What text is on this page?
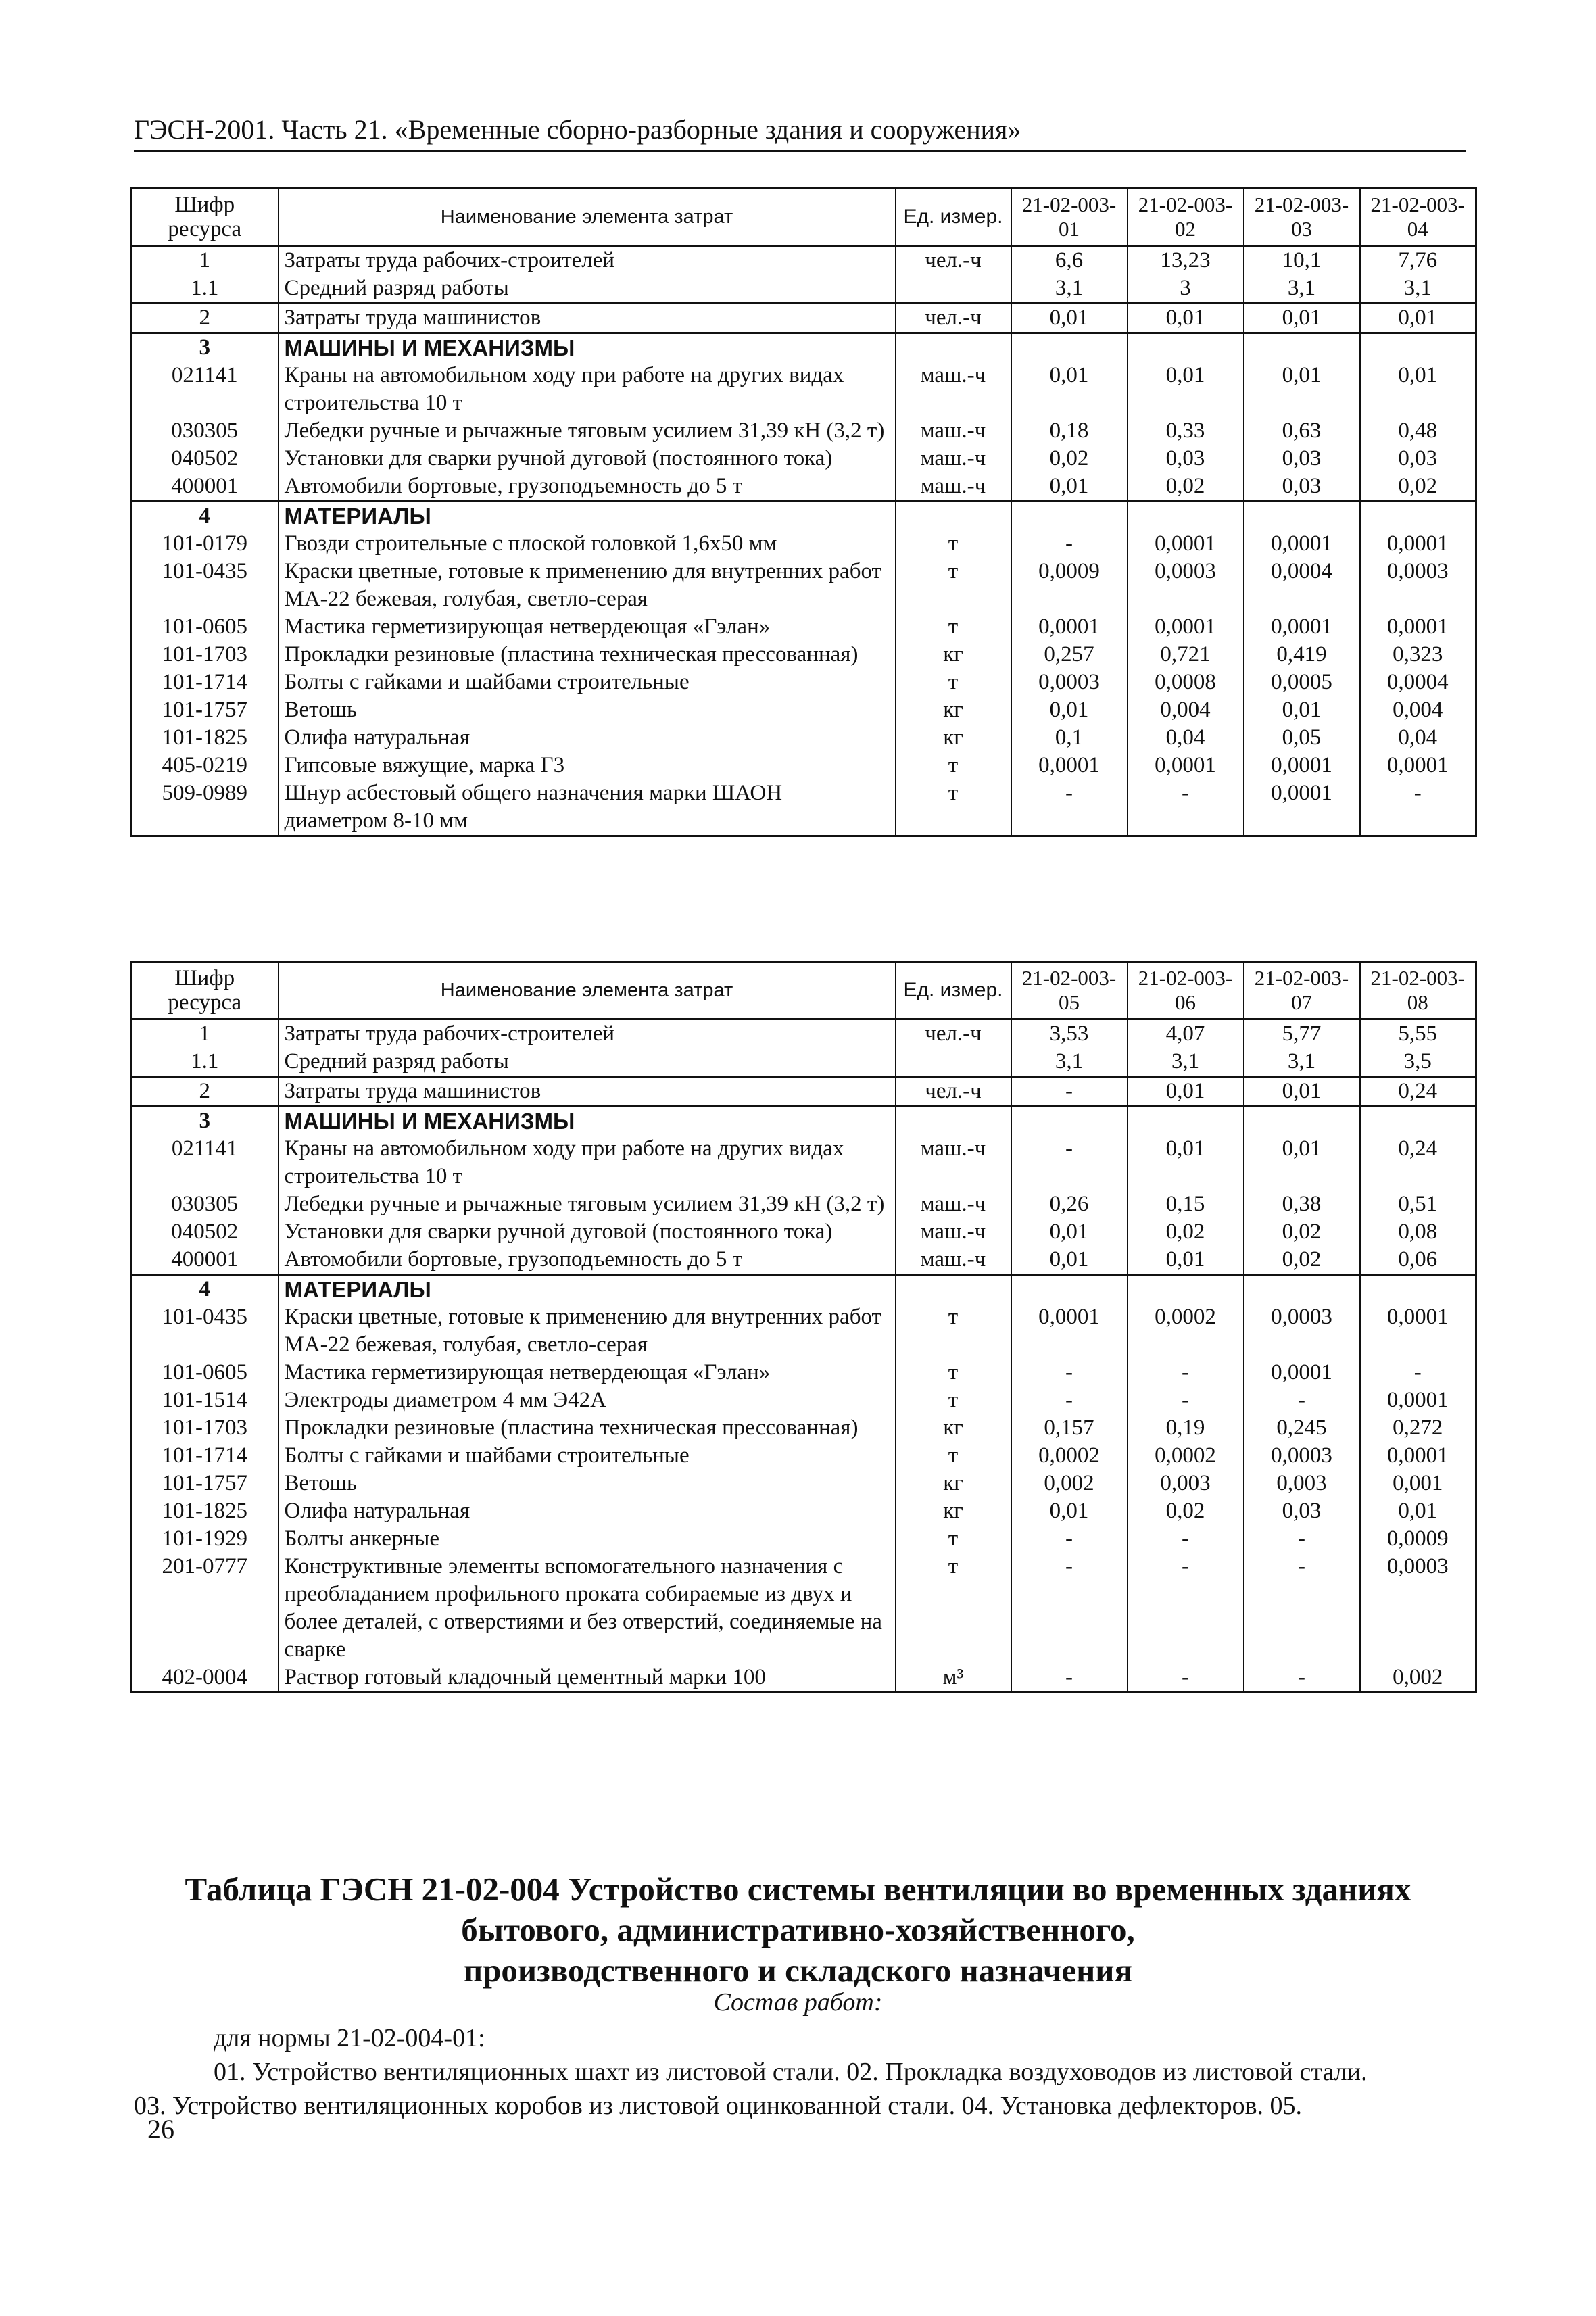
ГЭСН-2001. Часть 21. «Временные сборно-разборные здания и сооружения»
Шифр ресурса	Наименование элемента затрат	Ед. измер.	21-02-003-01	21-02-003-02	21-02-003-03	21-02-003-04
1	Затраты труда рабочих-строителей	чел.-ч	6,6	13,23	10,1	7,76
1.1	Средний разряд работы		3,1	3	3,1	3,1
2	Затраты труда машинистов	чел.-ч	0,01	0,01	0,01	0,01
3	МАШИНЫ И МЕХАНИЗМЫ					
021141	Краны на автомобильном ходу при работе на других видах строительства 10 т	маш.-ч	0,01	0,01	0,01	0,01
030305	Лебедки ручные и рычажные тяговым усилием 31,39 кН (3,2 т)	маш.-ч	0,18	0,33	0,63	0,48
040502	Установки для сварки ручной дуговой (постоянного тока)	маш.-ч	0,02	0,03	0,03	0,03
400001	Автомобили бортовые, грузоподъемность до 5 т	маш.-ч	0,01	0,02	0,03	0,02
4	МАТЕРИАЛЫ					
101-0179	Гвозди строительные с плоской головкой 1,6х50 мм	т	-	0,0001	0,0001	0,0001
101-0435	Краски цветные, готовые к применению для внутренних работ МА-22 бежевая, голубая, светло-серая	т	0,0009	0,0003	0,0004	0,0003
101-0605	Мастика герметизирующая нетвердеющая «Гэлан»	т	0,0001	0,0001	0,0001	0,0001
101-1703	Прокладки резиновые (пластина техническая прессованная)	кг	0,257	0,721	0,419	0,323
101-1714	Болты с гайками и шайбами строительные	т	0,0003	0,0008	0,0005	0,0004
101-1757	Ветошь	кг	0,01	0,004	0,01	0,004
101-1825	Олифа натуральная	кг	0,1	0,04	0,05	0,04
405-0219	Гипсовые вяжущие, марка Г3	т	0,0001	0,0001	0,0001	0,0001
509-0989	Шнур асбестовый общего назначения марки ШАОН диаметром 8-10 мм	т	-	-	0,0001	-
Шифр ресурса	Наименование элемента затрат	Ед. измер.	21-02-003-05	21-02-003-06	21-02-003-07	21-02-003-08
1	Затраты труда рабочих-строителей	чел.-ч	3,53	4,07	5,77	5,55
1.1	Средний разряд работы		3,1	3,1	3,1	3,5
2	Затраты труда машинистов	чел.-ч	-	0,01	0,01	0,24
3	МАШИНЫ И МЕХАНИЗМЫ					
021141	Краны на автомобильном ходу при работе на других видах строительства 10 т	маш.-ч	-	0,01	0,01	0,24
030305	Лебедки ручные и рычажные тяговым усилием 31,39 кН (3,2 т)	маш.-ч	0,26	0,15	0,38	0,51
040502	Установки для сварки ручной дуговой (постоянного тока)	маш.-ч	0,01	0,02	0,02	0,08
400001	Автомобили бортовые, грузоподъемность до 5 т	маш.-ч	0,01	0,01	0,02	0,06
4	МАТЕРИАЛЫ					
101-0435	Краски цветные, готовые к применению для внутренних работ МА-22 бежевая, голубая, светло-серая	т	0,0001	0,0002	0,0003	0,0001
101-0605	Мастика герметизирующая нетвердеющая «Гэлан»	т	-	-	0,0001	-
101-1514	Электроды диаметром 4 мм Э42А	т	-	-	-	0,0001
101-1703	Прокладки резиновые (пластина техническая прессованная)	кг	0,157	0,19	0,245	0,272
101-1714	Болты с гайками и шайбами строительные	т	0,0002	0,0002	0,0003	0,0001
101-1757	Ветошь	кг	0,002	0,003	0,003	0,001
101-1825	Олифа натуральная	кг	0,01	0,02	0,03	0,01
101-1929	Болты анкерные	т	-	-	-	0,0009
201-0777	Конструктивные элементы вспомогательного назначения с преобладанием профильного проката собираемые из двух и более деталей, с отверстиями и без отверстий, соединяемые на сварке	т	-	-	-	0,0003
402-0004	Раствор готовый кладочный цементный марки 100	м³	-	-	-	0,002
Таблица ГЭСН 21-02-004 Устройство системы вентиляции во временных зданиях
бытового, административно-хозяйственного,
производственного и складского назначения
Состав работ:
для нормы 21-02-004-01:
01. Устройство вентиляционных шахт из листовой стали. 02. Прокладка воздуховодов из листовой стали.
03. Устройство вентиляционных коробов из листовой оцинкованной стали. 04. Установка дефлекторов. 05.
26
